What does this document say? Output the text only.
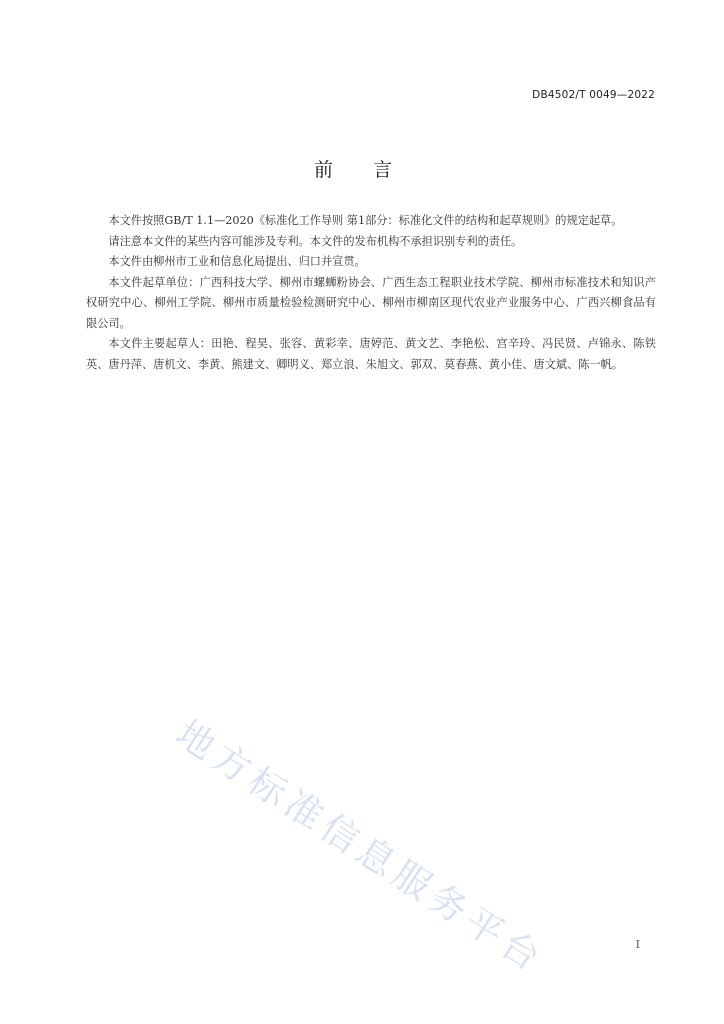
DB4502/T 0049—2022
前言

本文件按照GB/T 1.1—2020《标准化工作导则 第1部分：标准化文件的结构和起草规则》的规定起草。

请注意本文件的某些内容可能涉及专利。本文件的发布机构不承担识别专利的责任。

本文件由柳州市工业和信息化局提出、归口并宣贯。

本文件起草单位：广西科技大学、柳州市螺蛳粉协会、广西生态工程职业技术学院、柳州市标准技术和知识产权研究中心、柳州工学院、柳州市质量检验检测研究中心、柳州市柳南区现代农业产业服务中心、广西兴柳食品有限公司。

本文件主要起草人：田艳、程昊、张容、黄彩幸、唐婷范、黄文艺、李艳松、宫辛玲、冯民贤、卢锦永、陈铁英、唐丹萍、唐机文、李黄、熊建文、卿明义、郑立浪、朱旭文、郭双、莫春燕、黄小佳、唐文斌、陈一帆。

地方标准信息服务平台	I
